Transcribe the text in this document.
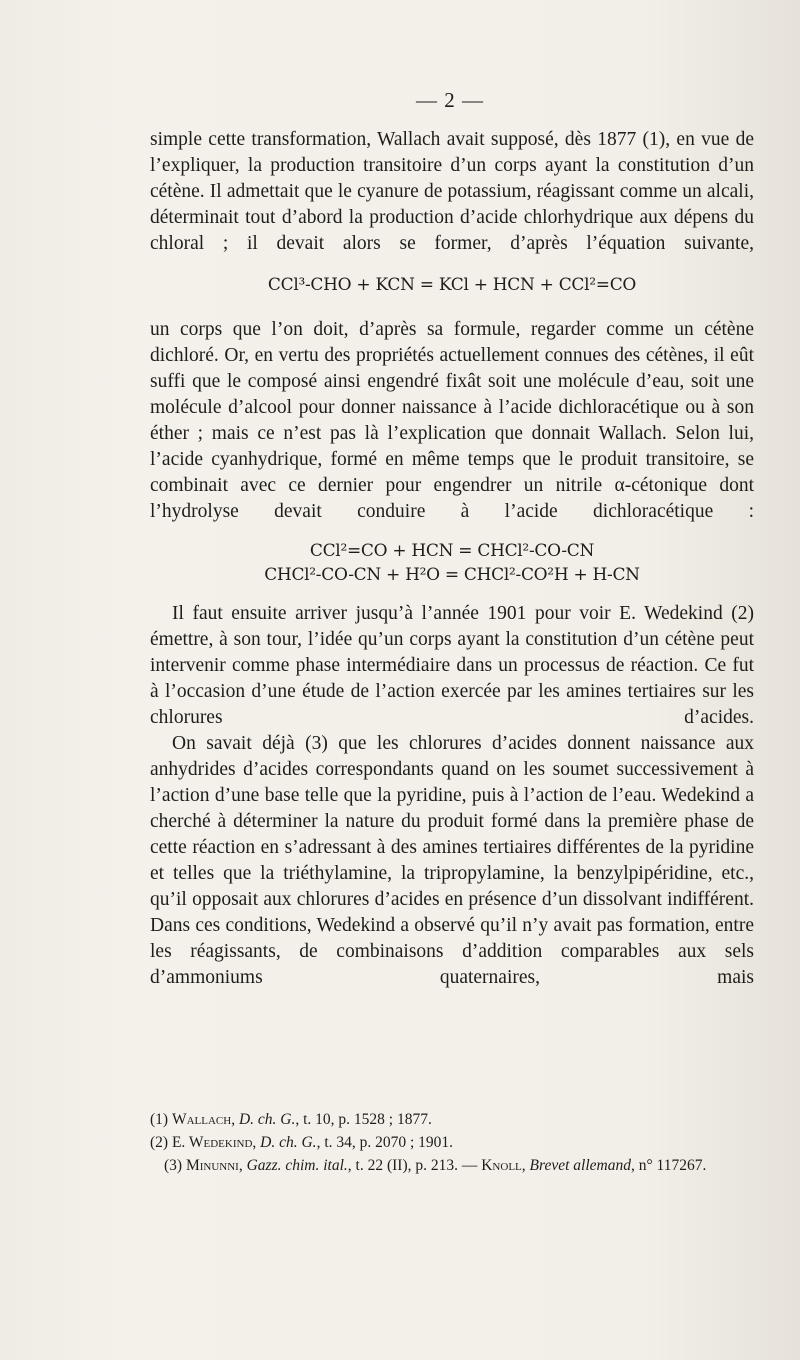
— 2 —

simple cette transformation, Wallach avait supposé, dès 1877 (1), en vue de l’expliquer, la production transitoire d’un corps ayant la constitution d’un cétène. Il admettait que le cyanure de potassium, réagissant comme un alcali, déterminait tout d’abord la production d’acide chlorhydrique aux dépens du chloral ; il devait alors se former, d’après l’équation suivante,

CCl³-CHO + KCN = KCl + HCN + CCl²=CO

un corps que l’on doit, d’après sa formule, regarder comme un cétène dichloré. Or, en vertu des propriétés actuellement connues des cétènes, il eût suffi que le composé ainsi engendré fixât soit une molécule d’eau, soit une molécule d’alcool pour donner naissance à l’acide dichloracétique ou à son éther ; mais ce n’est pas là l’explication que donnait Wallach. Selon lui, l’acide cyanhydrique, formé en même temps que le produit transitoire, se combinait avec ce dernier pour engendrer un nitrile α-cétonique dont l’hydrolyse devait conduire à l’acide dichloracétique :

CCl²=CO + HCN = CHCl²-CO-CN
CHCl²-CO-CN + H²O = CHCl²-CO²H + H-CN

Il faut ensuite arriver jusqu’à l’année 1901 pour voir E. Wedekind (2) émettre, à son tour, l’idée qu’un corps ayant la constitution d’un cétène peut intervenir comme phase intermédiaire dans un processus de réaction. Ce fut à l’occasion d’une étude de l’action exercée par les amines tertiaires sur les chlorures d’acides.

On savait déjà (3) que les chlorures d’acides donnent naissance aux anhydrides d’acides correspondants quand on les soumet successivement à l’action d’une base telle que la pyridine, puis à l’action de l’eau. Wedekind a cherché à déterminer la nature du produit formé dans la première phase de cette réaction en s’adressant à des amines tertiaires différentes de la pyridine et telles que la triéthylamine, la tripropylamine, la benzylpipéridine, etc., qu’il opposait aux chlorures d’acides en présence d’un dissolvant indifférent. Dans ces conditions, Wedekind a observé qu’il n’y avait pas formation, entre les réagissants, de combinaisons d’addition comparables aux sels d’ammoniums quaternaires, mais

(1) Wallach, D. ch. G., t. 10, p. 1528 ; 1877.

(2) E. Wedekind, D. ch. G., t. 34, p. 2070 ; 1901.

(3) Minunni, Gazz. chim. ital., t. 22 (II), p. 213. — Knoll, Brevet allemand, n° 117267.
